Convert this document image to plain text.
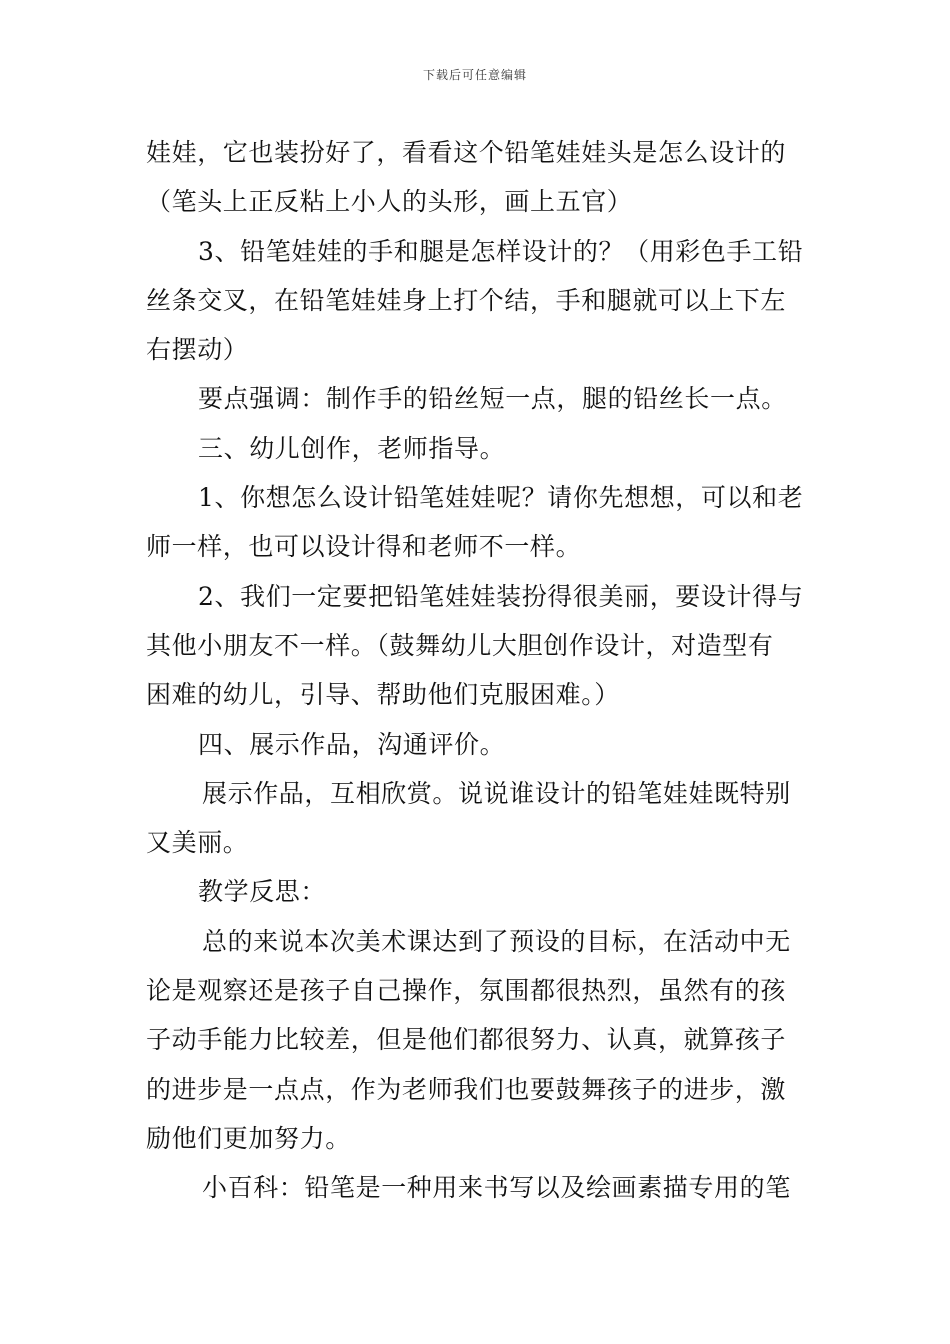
下载后可任意编辑
娃娃，它也装扮好了，看看这个铅笔娃娃头是怎么设计的
（笔头上正反粘上小人的头形，画上五官）
3、铅笔娃娃的手和腿是怎样设计的？（用彩色手工铅
丝条交叉，在铅笔娃娃身上打个结，手和腿就可以上下左
右摆动）
要点强调：制作手的铅丝短一点，腿的铅丝长一点。
三、幼儿创作，老师指导。
1、你想怎么设计铅笔娃娃呢？请你先想想，可以和老
师一样，也可以设计得和老师不一样。
2、我们一定要把铅笔娃娃装扮得很美丽，要设计得与
其他小朋友不一样。（鼓舞幼儿大胆创作设计，对造型有
困难的幼儿，引导、帮助他们克服困难。）
四、展示作品，沟通评价。
展示作品，互相欣赏。说说谁设计的铅笔娃娃既特别
又美丽。
教学反思：
总的来说本次美术课达到了预设的目标，在活动中无
论是观察还是孩子自己操作，氛围都很热烈，虽然有的孩
子动手能力比较差，但是他们都很努力、认真，就算孩子
的进步是一点点，作为老师我们也要鼓舞孩子的进步，激
励他们更加努力。
小百科：铅笔是一种用来书写以及绘画素描专用的笔
